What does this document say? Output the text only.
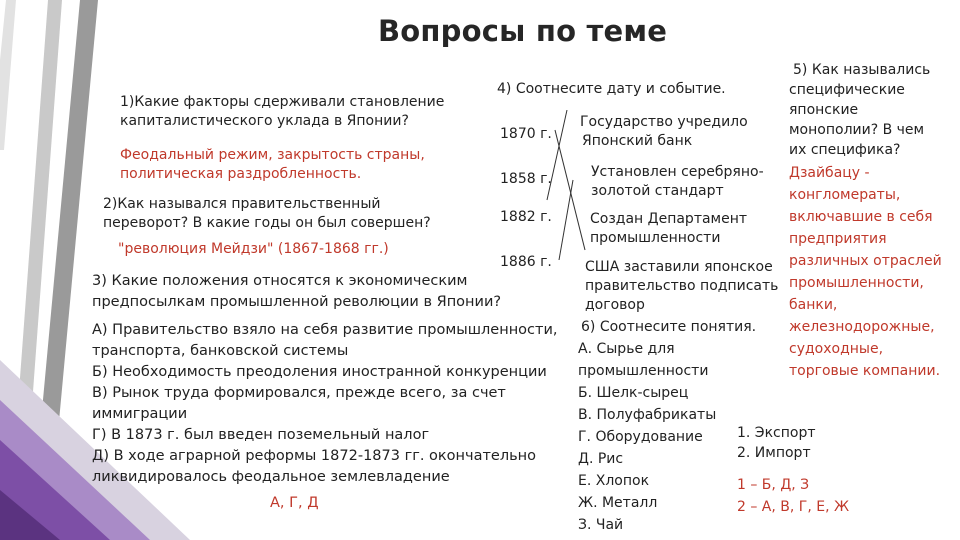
Вопросы по теме
1)Какие факторы сдерживали становление
капиталистического уклада в Японии?
Феодальный режим, закрытость страны,
политическая раздробленность.
2)Как назывался правительственный
переворот? В какие годы он был совершен?
"революция Мейдзи" (1867-1868 гг.)
3) Какие положения относятся к экономическим
предпосылкам промышленной революции в Японии?
А) Правительство взяло на себя развитие промышленности,
транспорта, банковской системы
Б) Необходимость преодоления иностранной конкуренции
В) Рынок труда формировался, прежде всего, за счет
иммиграции
Г) В 1873 г. был введен поземельный налог
Д) В ходе аграрной реформы 1872-1873 гг. окончательно
ликвидировалось феодальное землевладение
А, Г, Д
4) Соотнесите дату и событие.
1870 г.
1858 г.
1882 г.
1886 г.
Государство учредило
Японский банк
Установлен серебряно-
золотой стандарт
Создан Департамент
промышленности
США заставили японское
правительство подписать
договор
5) Как назывались
специфические
японские
монополии? В чем
их специфика?
Дзайбацу -
конгломераты,
включавшие в себя
предприятия
различных отраслей
промышленности,
банки,
железнодорожные,
судоходные,
торговые компании.
6) Соотнесите понятия.
А. Сырье для
промышленности
Б. Шелк-сырец
В. Полуфабрикаты
Г. Оборудование
Д. Рис
Е. Хлопок
Ж. Металл
З. Чай
1. Экспорт
2. Импорт
1 – Б, Д, З
2 – А, В, Г, Е, Ж
